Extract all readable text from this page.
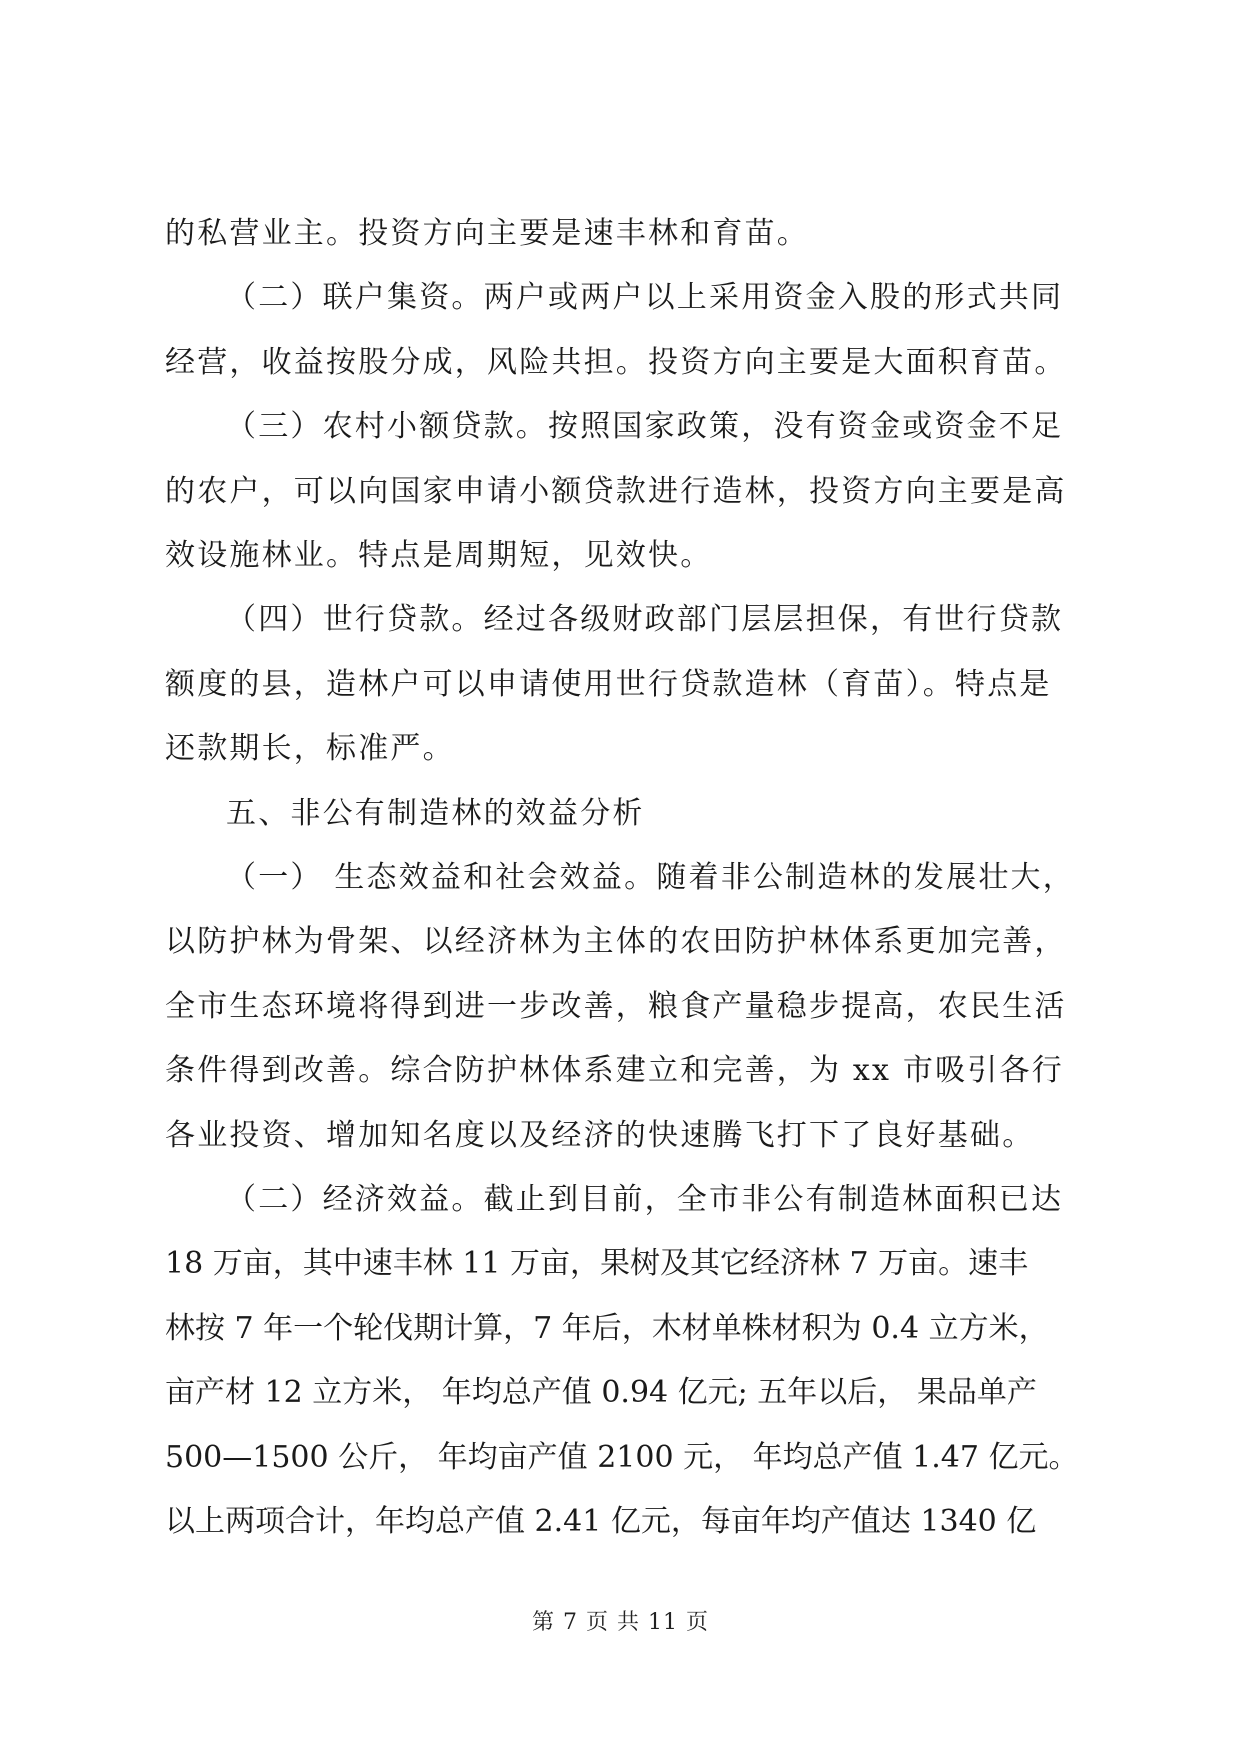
的私营业主。投资方向主要是速丰林和育苗。
（二）联户集资。两户或两户以上采用资金入股的形式共同
经营，收益按股分成，风险共担。投资方向主要是大面积育苗。
（三）农村小额贷款。按照国家政策，没有资金或资金不足
的农户，可以向国家申请小额贷款进行造林，投资方向主要是高
效设施林业。特点是周期短，见效快。
（四）世行贷款。经过各级财政部门层层担保，有世行贷款
额度的县，造林户可以申请使用世行贷款造林（育苗）。特点是
还款期长，标准严。
五、非公有制造林的效益分析
（一） 生态效益和社会效益。随着非公制造林的发展壮大，
以防护林为骨架、以经济林为主体的农田防护林体系更加完善，
全市生态环境将得到进一步改善，粮食产量稳步提高，农民生活
条件得到改善。综合防护林体系建立和完善，为 xx 市吸引各行
各业投资、增加知名度以及经济的快速腾飞打下了良好基础。
（二）经济效益。截止到目前，全市非公有制造林面积已达
18 万亩，其中速丰林 11 万亩，果树及其它经济林 7 万亩。速丰
林按 7 年一个轮伐期计算，7 年后，木材单株材积为 0.4 立方米，
亩产材 12 立方米， 年均总产值 0.94 亿元; 五年以后， 果品单产
500—1500 公斤， 年均亩产值 2100 元， 年均总产值 1.47 亿元。
以上两项合计，年均总产值 2.41 亿元，每亩年均产值达 1340 亿
第 7 页 共 11 页
